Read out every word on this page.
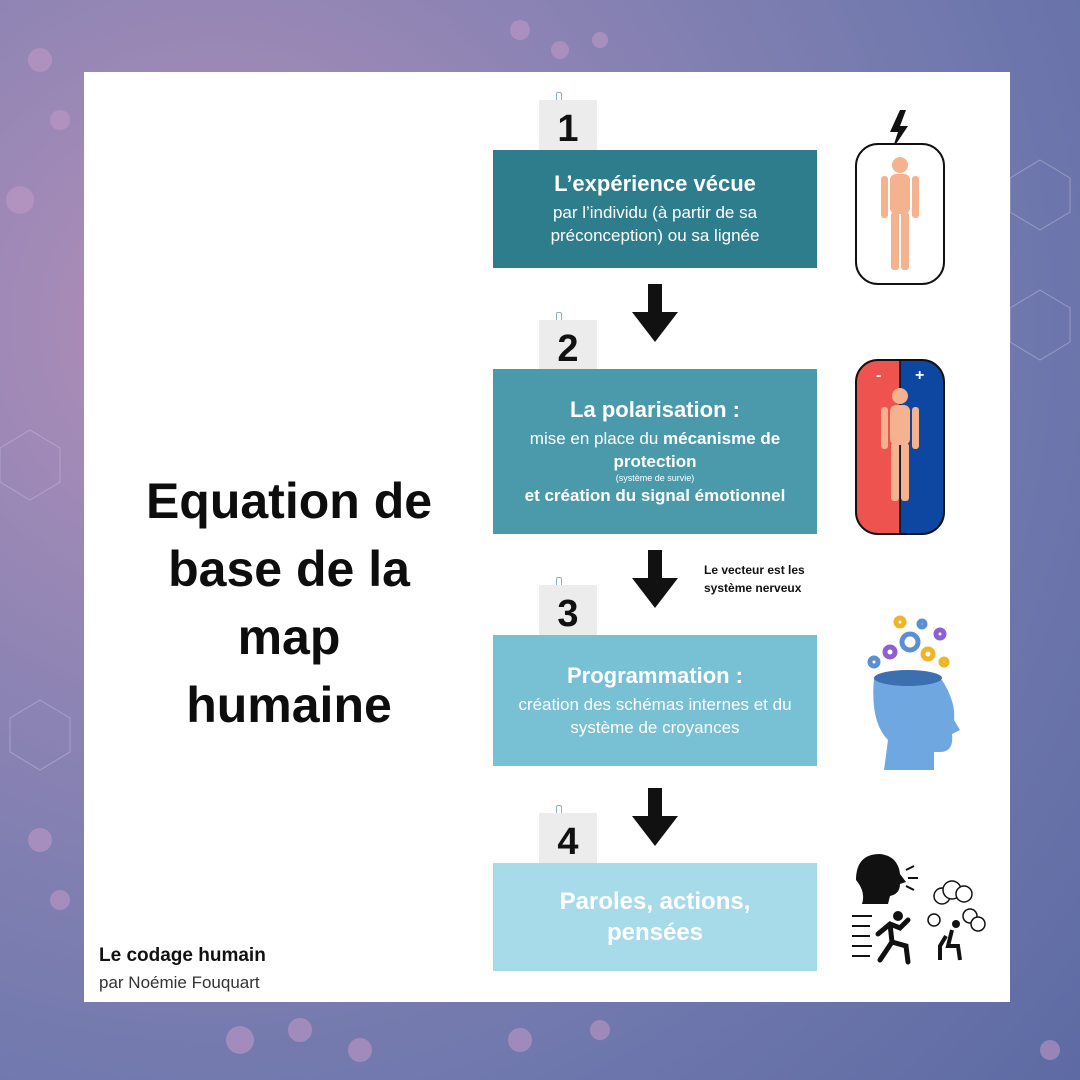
Equation de
base de la
map
humaine
Le codage humain
par Noémie Fouquart
1
2
3
4
L’expérience vécue
par l’individu (à partir de sa préconception) ou sa lignée
La polarisation :
mise en place du mécanisme de protection
(système de survie)
et création du signal émotionnel
Programmation :
création des schémas internes et du système de croyances
Paroles, actions, pensées
Le vecteur est les
système nerveux
- +
